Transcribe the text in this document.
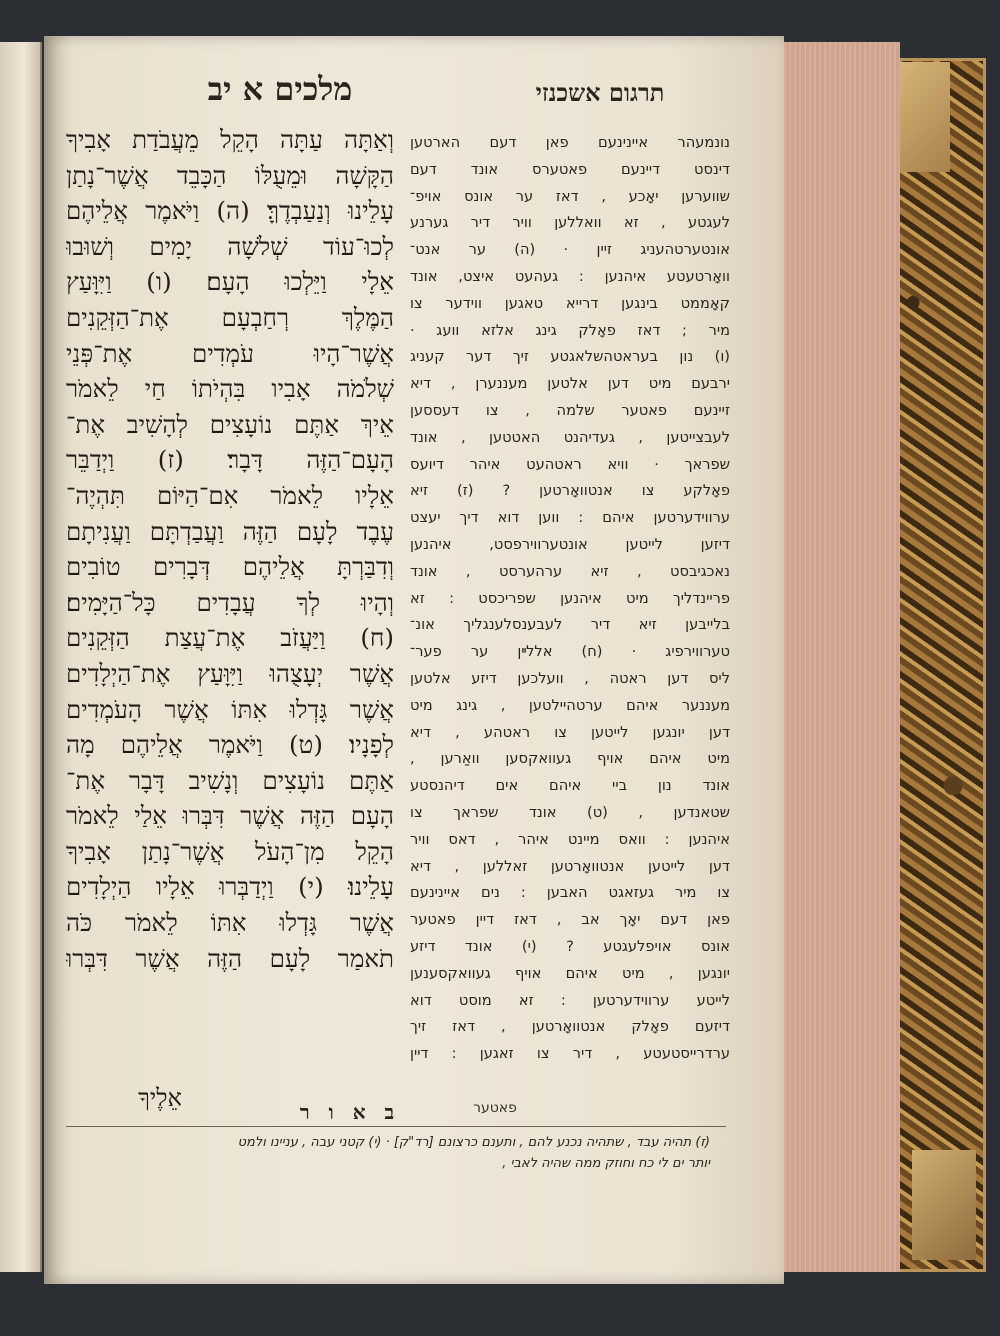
מלכים א יב	תרגום אשכנזי
וְאַתָּה עַתָּה הָקֵל מֵעֲבֹדַת אָבִיךָ
הַקָּשָׁה וּמֵעֻלּוֹ הַכָּבֵד אֲשֶׁר־נָתַן
עָלֵינוּ וְנַעַבְדֶךָּ׃ (ה) וַיֹּאמֶר אֲלֵיהֶם
לְכוּ־עוֹד שְׁלֹשָׁה יָמִים וְשׁוּבוּ
אֵלָי וַיֵּלְכוּ הָעָם׃ (ו) וַיִּוָּעַץ
הַמֶּלֶךְ רְחַבְעָם אֶת־הַזְּקֵנִים
אֲשֶׁר־הָיוּ עֹמְדִים אֶת־פְּנֵי
שְׁלֹמֹה אָבִיו בִּהְיֹתוֹ חַי לֵאמֹר
אֵיךְ אַתֶּם נוֹעָצִים לְהָשִׁיב אֶת־
הָעָם־הַזֶּה דָּבָר׃ (ז) וַיְדַבֵּר
אֵלָיו לֵאמֹר אִם־הַיּוֹם תִּהְיֶה־
עֶבֶד לָעָם הַזֶּה וַעֲבַדְתָּם וַעֲנִיתָם
וְדִבַּרְתָּ אֲלֵיהֶם דְּבָרִים טוֹבִים
וְהָיוּ לְךָ עֲבָדִים כָּל־הַיָּמִים׃
(ח) וַיַּעֲזֹב אֶת־עֲצַת הַזְּקֵנִים
אֲשֶׁר יְעָצֻהוּ וַיִּוָּעַץ אֶת־הַיְלָדִים
אֲשֶׁר גָּדְלוּ אִתּוֹ אֲשֶׁר הָעֹמְדִים
לְפָנָיו׃ (ט) וַיֹּאמֶר אֲלֵיהֶם מָה
אַתֶּם נוֹעָצִים וְנָשִׁיב דָּבָר אֶת־
הָעָם הַזֶּה אֲשֶׁר דִּבְּרוּ אֵלַי לֵאמֹר
הָקֵל מִן־הָעֹל אֲשֶׁר־נָתַן אָבִיךָ
עָלֵינוּ׃ (י) וַיְדַבְּרוּ אֵלָיו הַיְלָדִים
אֲשֶׁר גָּדְלוּ אִתּוֹ לֵאמֹר כֹּה
תֹאמַר לָעָם הַזֶּה אֲשֶׁר דִּבְּרוּ
אֵלֶיךָ
נונמעהר איינינעם פאן דעם הארטען
דינסט דיינעם פאטערס אונד דעם
שווערען יאָכע , דאז ער אונס אויפ־
לעגטע , זא וואללען וויר דיר גערנע
אונטערטהעניג זיין · (ה) ער אנט־
וואָרטעטע איהנען : געהעט איצט, אונד
קאָממט בינגען דרייא טאגען ווידער צו
מיר ; דאז פאָלק גינג אלזא וועג ·
(ו) נון בעראטהשלאגטע זיך דער קעניג
ירבעם מיט דען אלטען מעננערן , דיא
זיינעם פאטער שלמה , צו דעססען
לעבצייטען , געדיהנט האטטען , אונד
שפראך · וויא ראטהעט איהר דיועס
פאָלקע צו אנטוואָרטען ? (ז) זיא
ערווידערטען איהם : ווען דוא דיך יעצט
דיזען לייטען אונטערווירפסט, איהנען
נאכגיבסט , זיא ערהערסט , אונד
פריינדליך מיט איהנען שפריכסט : זא
בלייבען זיא דיר לעבענסלענגליך אונ־
טערווירפיג · (ח) אללײן ער פער־
ליס דען ראטה , וועלכען דיזע אלטען
מעננער איהם ערטהיילטען , גינג מיט
דען יונגען לייטען צו ראטהע , דיא
מיט איהם אויף געוואקסען וואַרען ,
אונד נון ביי איהם אים דיהנסטע
שטאנדען , (ט) אונד שפראך צו
איהנען : וואס מיינט איהר , דאס וויר
דען לייטען אנטוואָרטען זאללען , דיא
צו מיר געזאגט האבען : נים איינינעם
פאן דעם יאָך אב , דאז דיין פאטער
אונס אויפלעגטע ? (י) אונד דיזע
יונגען , מיט איהם אויף געוואקסענען
לייטע ערווידערטען : זא מוסט דוא
דיזעם פאָלק אנטוואָרטען , דאז זיך
ערדרייסטעטע , דיר צו זאגען : דיין
ב א ו ר	פאטער
(ז) תהיה עבד , שתהיה נכנע להם , ותענם כרצונם [רד"ק] · (י) קטני עבה , עניינו ולמט
יותר ים לי כח וחוזק ממה שהיה לאבי ,
